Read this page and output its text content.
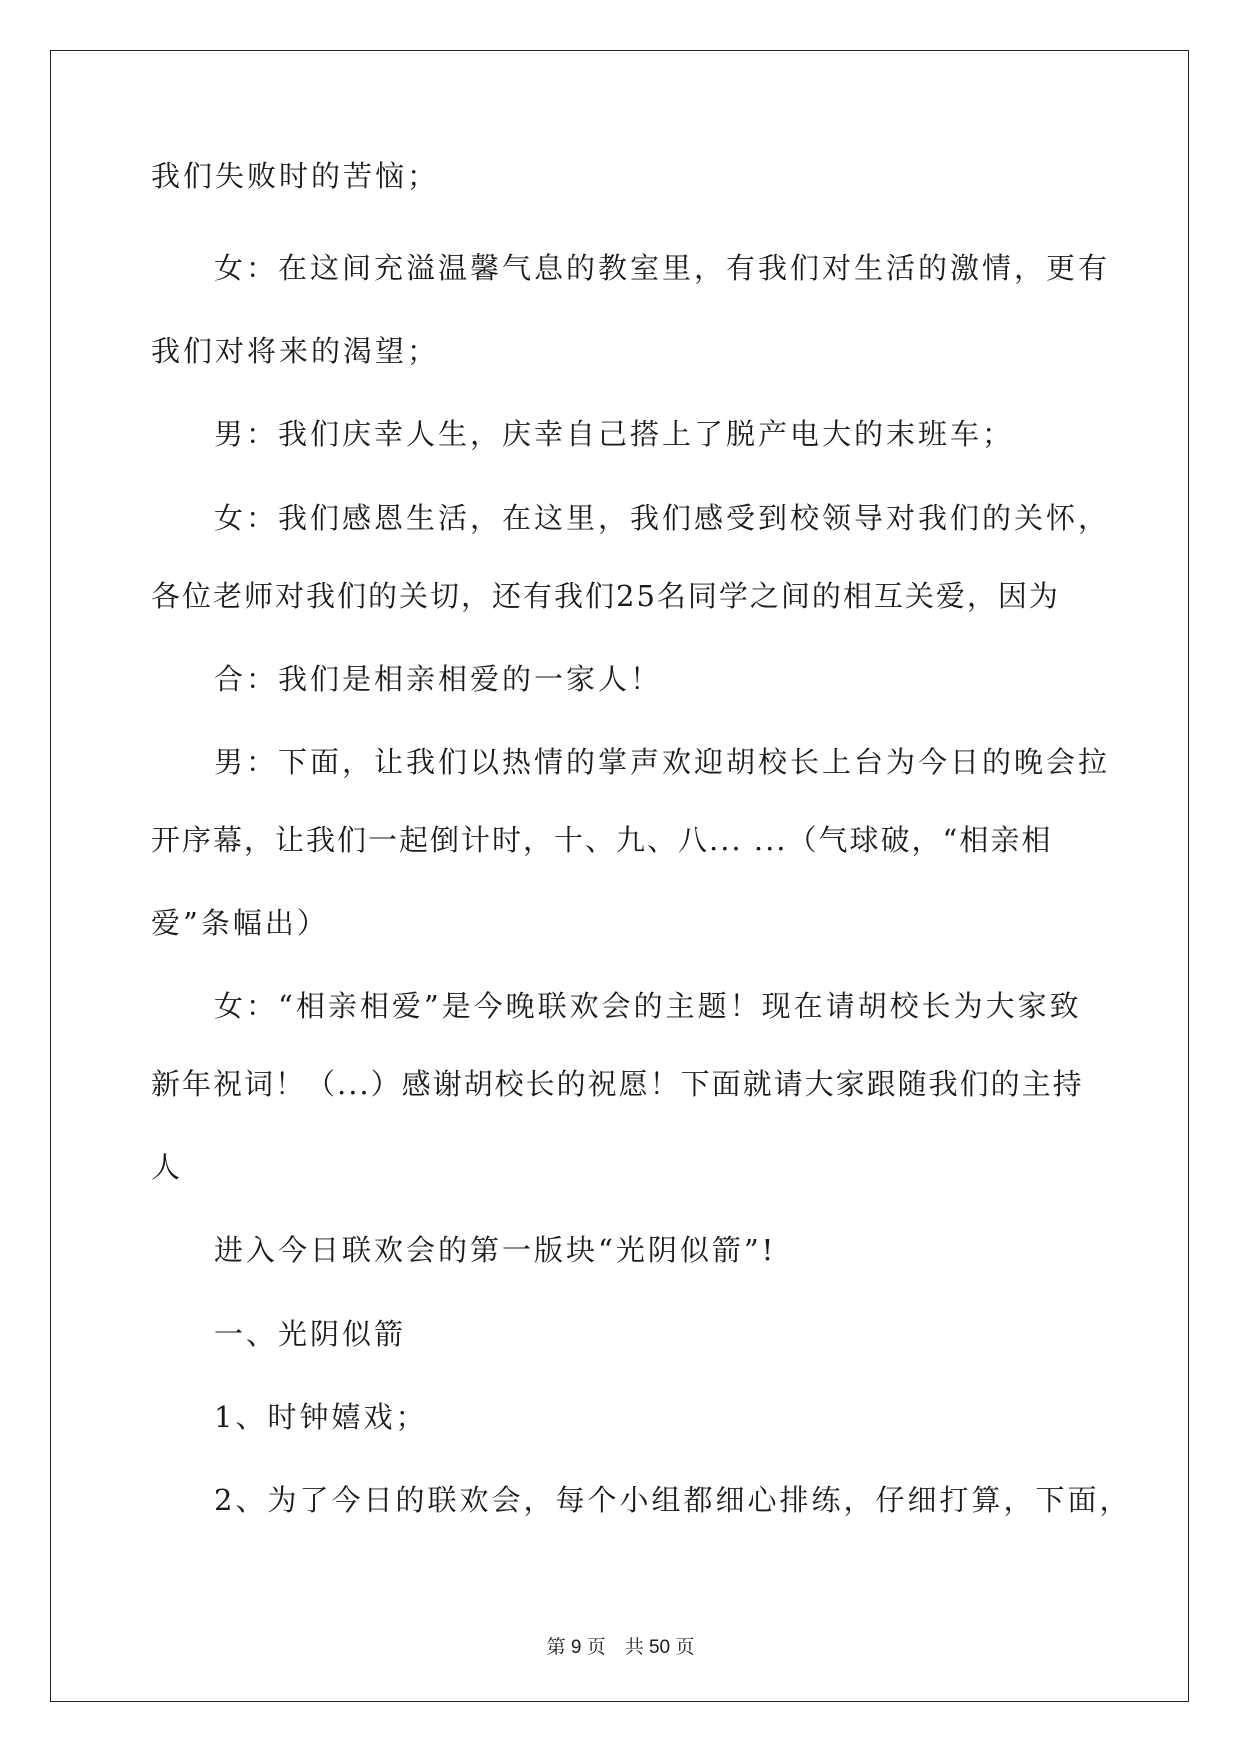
我们失败时的苦恼；
女：在这间充溢温馨气息的教室里，有我们对生活的激情，更有
我们对将来的渴望；
男：我们庆幸人生，庆幸自己搭上了脱产电大的末班车；
女：我们感恩生活，在这里，我们感受到校领导对我们的关怀，
各位老师对我们的关切，还有我们25名同学之间的相互关爱，因为
合：我们是相亲相爱的一家人！
男：下面，让我们以热情的掌声欢迎胡校长上台为今日的晚会拉
开序幕，让我们一起倒计时，十、九、八... ...（气球破，“相亲相
爱”条幅出）
女：“相亲相爱”是今晚联欢会的主题！现在请胡校长为大家致
新年祝词！（...）感谢胡校长的祝愿！下面就请大家跟随我们的主持
人
进入今日联欢会的第一版块“光阴似箭”!
一、光阴似箭
1、时钟嬉戏；
2、为了今日的联欢会，每个小组都细心排练，仔细打算，下面，
第 9 页　共 50 页
